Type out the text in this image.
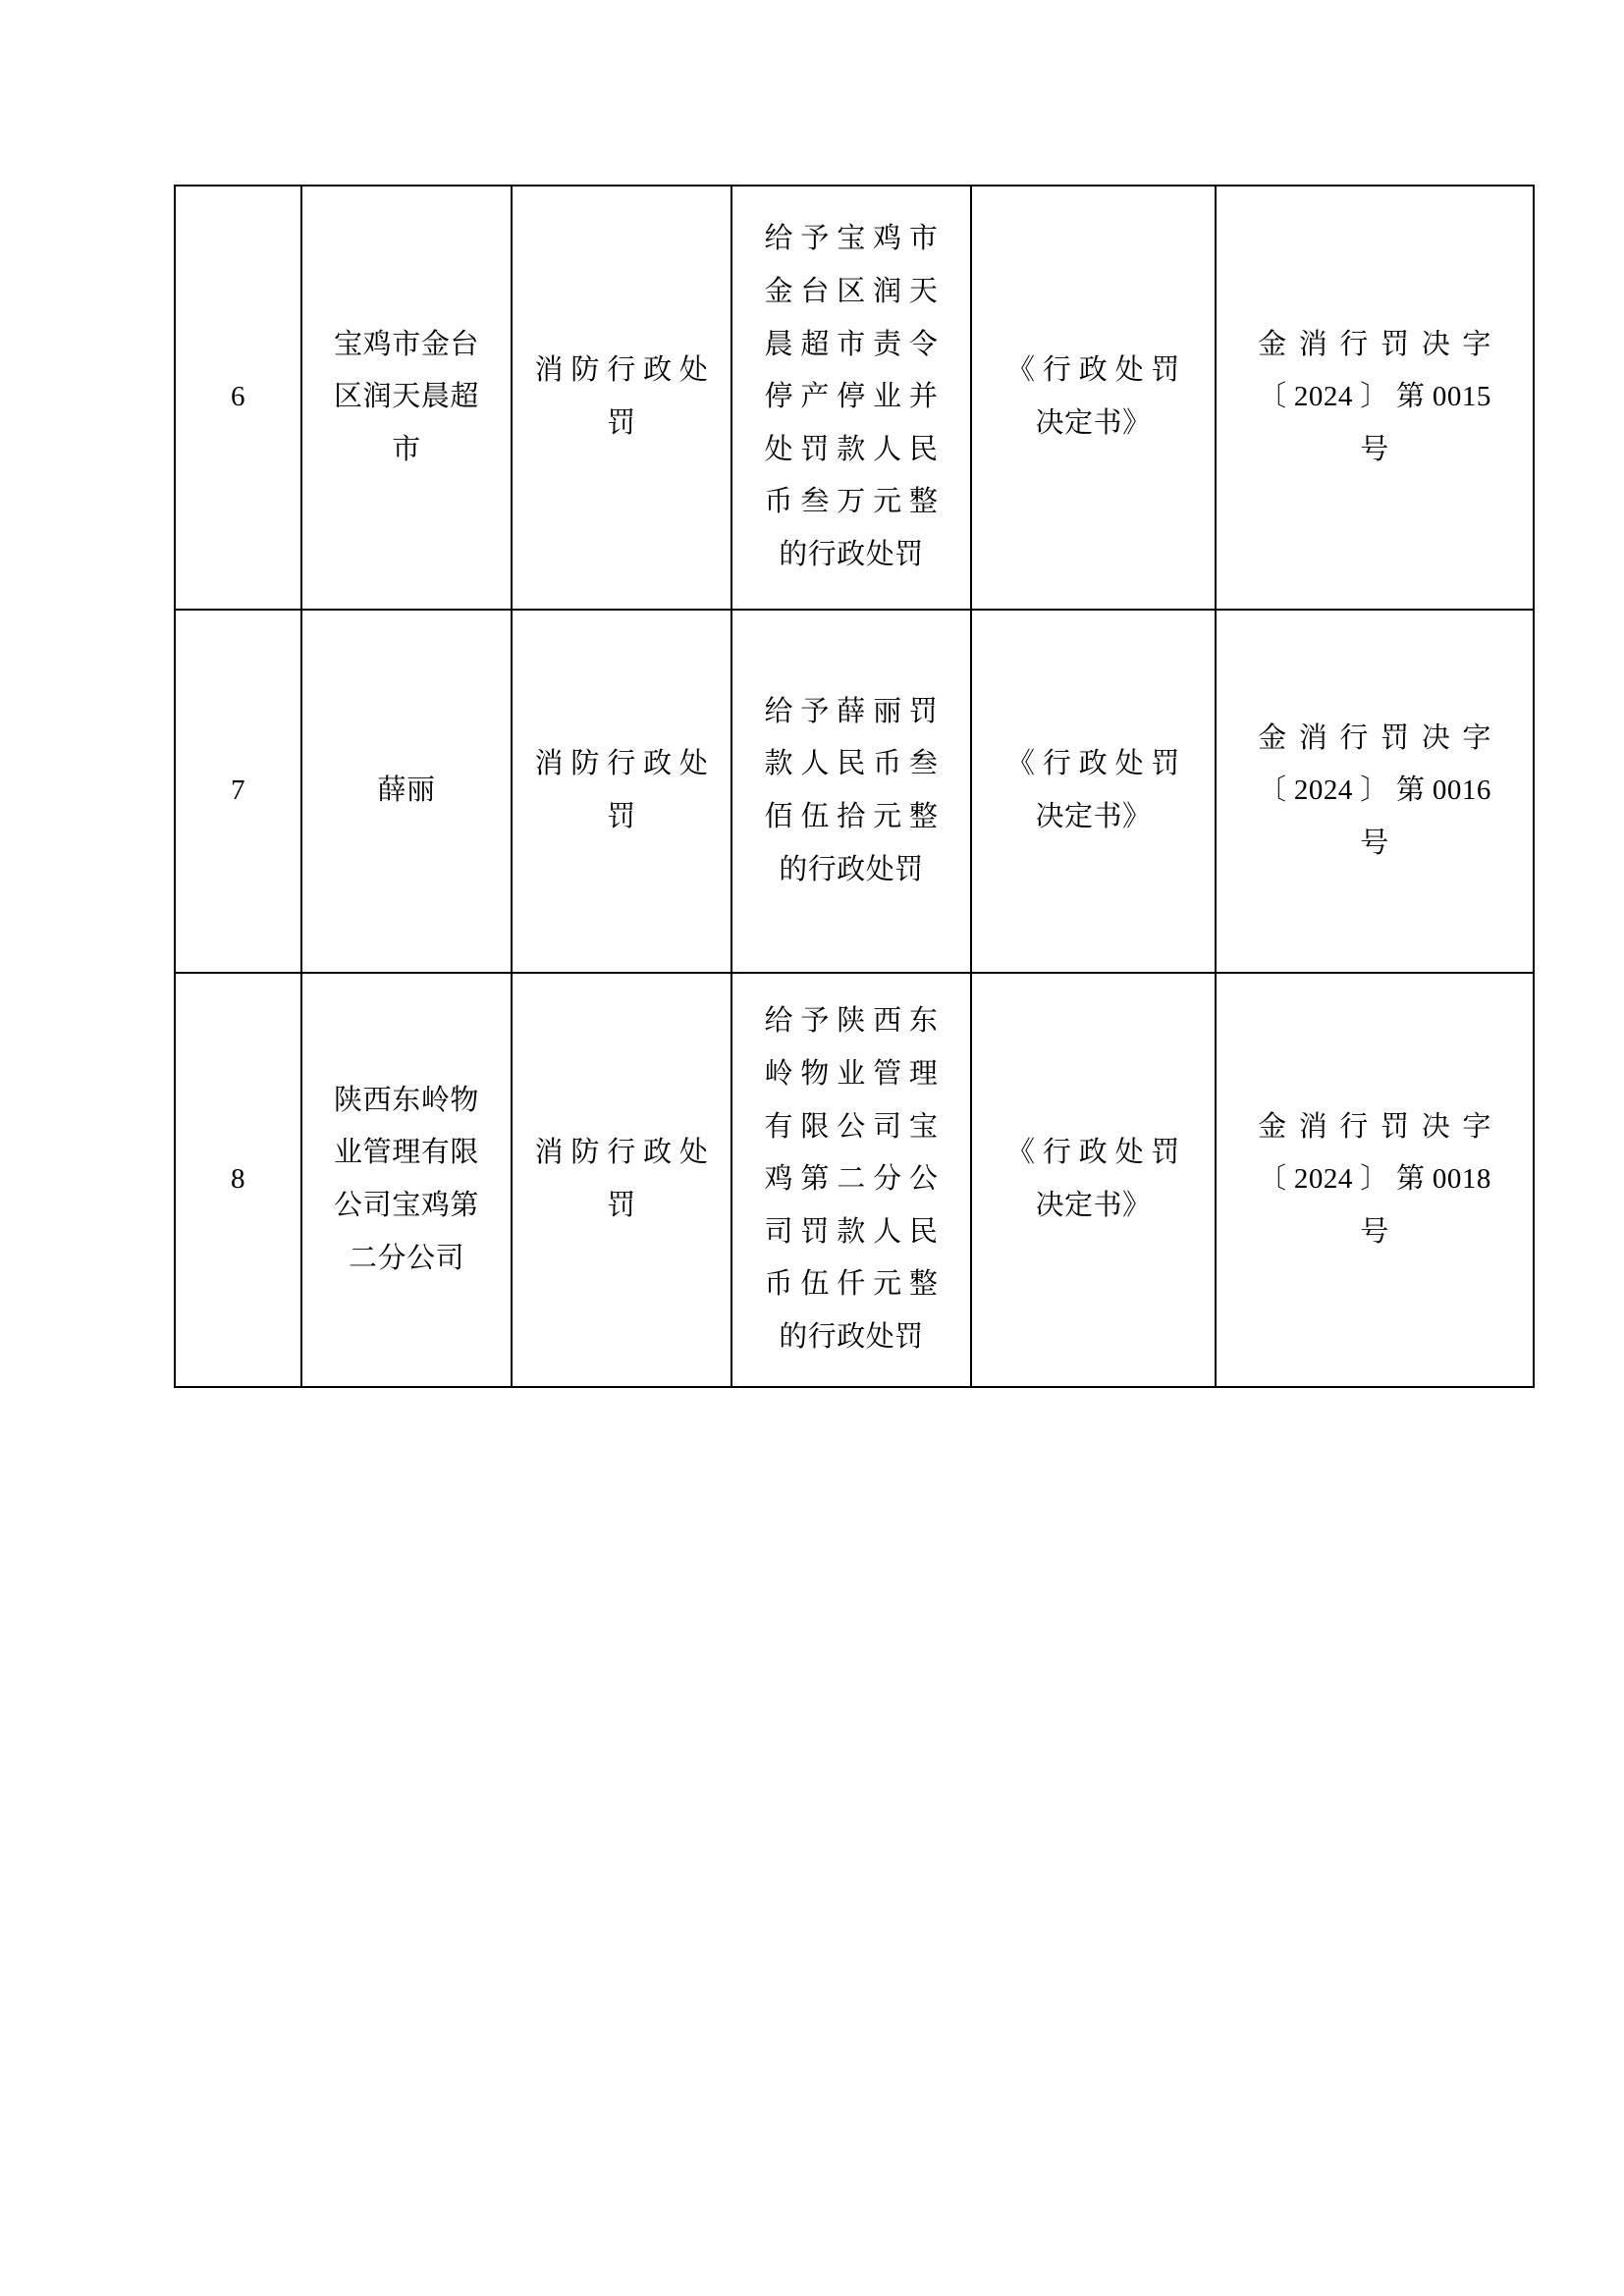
6	宝鸡市金台区润天晨超市	消防行政处罚	给予宝鸡市金台区润天晨超市责令停产停业并处罚款人民币叁万元整的行政处罚	《行政处罚决定书》	金消行罚决字〔2024〕第0015号

7	薛丽	消防行政处罚	给予薛丽罚款人民币叁佰伍拾元整的行政处罚	《行政处罚决定书》	金消行罚决字〔2024〕第0016号

8	陕西东岭物业管理有限公司宝鸡第二分公司	消防行政处罚	给予陕西东岭物业管理有限公司宝鸡第二分公司罚款人民币伍仟元整的行政处罚	《行政处罚决定书》	金消行罚决字〔2024〕第0018号
